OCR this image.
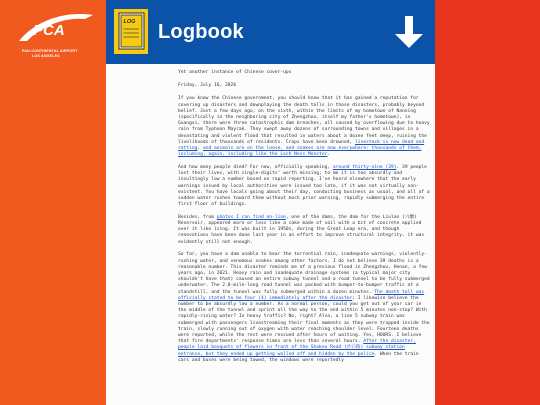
PCA
PAN-CONTINENTAL AIRPORT
LOS ANGELES
LOG Logbook
Yet another instance of Chinese cover-ups
Friday, July 16, 2026

If you know the Chinese government, you should know that it has gained a reputation for covering up disasters and downplaying the death tolls in those disasters, probably beyond belief. Just a few days ago, on the sixth, within the limits of my hometown of Nanning (specifically in the neighboring city of Zhengzhou, itself my father's hometown), in Guangxi, there were three catastrophic dam breaches, all caused by overflowing due to heavy rain from Typhoon Mayrak. They swept away dozens of surrounding towns and villages in a devastating and violent flood that resulted in waters about a dozen feet deep, ruining the livelihoods of thousands of residents. Crops have been drowned, livestock is now dead and rotting, and animals are on the loose, and snakes are now everywhere: thousands of them, including, again, including like the Loch Ness Monster.

And how many people died? For now, officially speaking, around thirty-nine (39). 39 people lost their lives, with single-digits' worth missing; to me it is too absurdly and insultingly low a number based on rapid reporting. I've heard elsewhere that the early warnings issued by local authorities were issued too late, if it was not virtually non-existent. You have locals going about their day, conducting business as usual, and all of a sudden water rushes toward them without much prior warning, rapidly submerging the entire first floor of buildings.

Besides, from photos I can find on-line, one of the dams, the dam for the Liulan (六蘭) Reservoir, appeared more or less like a cake made of soil with a bit of concrete applied over it like icing. It was built in 1950s, during the Great Leap era, and though renovations have been done last year in an effort to improve structural integrity, it was evidently still not enough.

So far, you have a dam unable to bear the torrential rain, inadequate warnings, violently-rushing water, and venomous snakes among other factors. I do not believe 39 deaths is a reasonable number. This disaster reminds me of a previous flood in Zhengzhou, Henan, a few years ago, in 2021. Heavy rain and inadequate drainage systems (a typical major city shouldn't have that) caused an entire subway tunnel and a road tunnel to be fully submerged underwater. The 2.8-mile-long road tunnel was packed with bumper-to-bumper traffic at a standstill, and the tunnel was fully submerged within a dozen minutes. The death toll was officially stated to be four (4) immediately after the disaster; I likewise believe the number to be absurdly low a number. As a normal person, could you get out of your car in the middle of the tunnel and sprint all the way to the end within 5 minutes non-stop? With rapidly-rising water? In heavy traffic? No, right? Also, a line 5 subway train was submerged with passengers livestreaming their final moments as they were trapped inside the train, slowly running out of oxygen with water reaching shoulder level. Fourteen deaths were reported, while the rest were rescued after hours of waiting. Yes, HOURS. I believe that fire departments' response times are less than several hours. After the disaster, people laid bouquets of flowers in front of the Shakou Road (沙口路) subway station entrance, but they ended up getting walled off and hidden by the police. When the train cars and buses were being towed, the windows were reportedly
